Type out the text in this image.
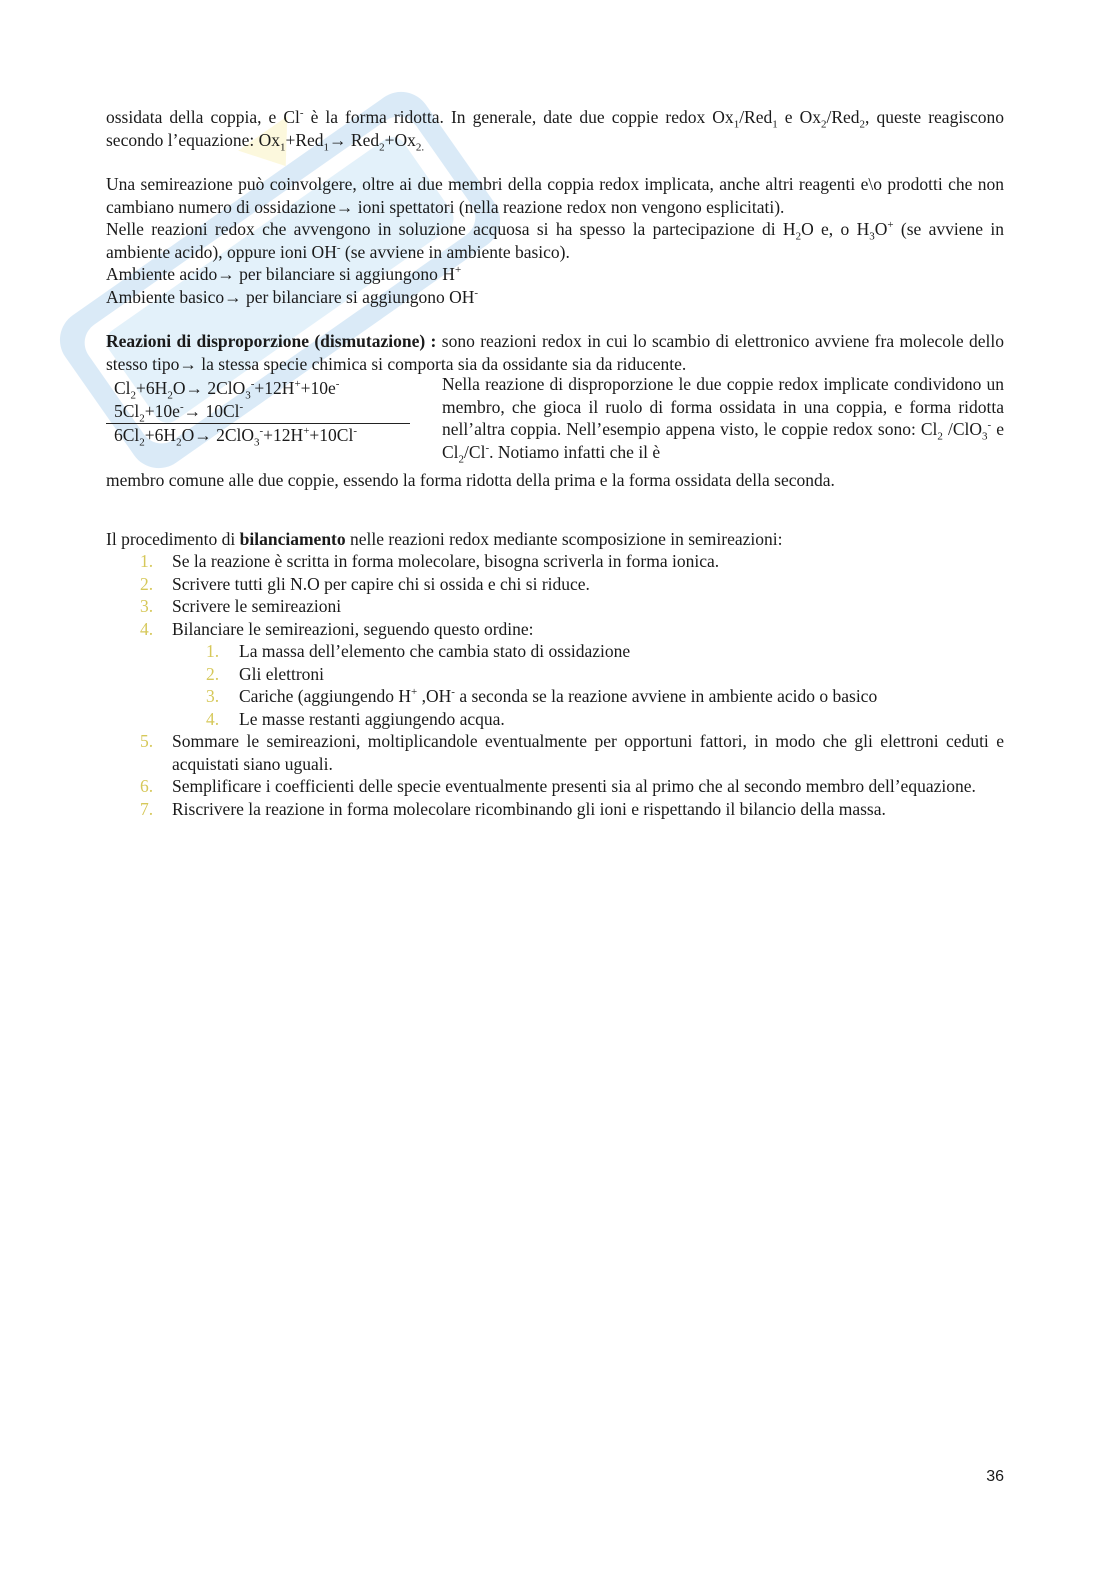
ossidata della coppia, e Cl- è la forma ridotta. In generale, date due coppie redox $Ox_1/Red_1$ e $Ox_2/Red_2$, queste reagiscono secondo l’equazione: $Ox_1+Red_1\to Red_2+Ox_{2.}$

Una semireazione può coinvolgere, oltre ai due membri della coppia redox implicata, anche altri reagenti e\o prodotti che non cambiano numero di ossidazione→ ioni spettatori (nella reazione redox non vengono esplicitati).

Nelle reazioni redox che avvengono in soluzione acquosa si ha spesso la partecipazione di $H_2O$ e, o $H_3O^+$ (se avviene in ambiente acido), oppure ioni OH- (se avviene in ambiente basico).

Ambiente acido→ per bilanciare si aggiungono H+

Ambiente basico→ per bilanciare si aggiungono OH-

Reazioni di disproporzione (dismutazione) : sono reazioni redox in cui lo scambio di elettronico avviene fra molecole dello stesso tipo→ la stessa specie chimica si comporta sia da ossidante sia da riducente.

$Cl_2+6H_2O\to 2ClO_3^-+12H^++10e^-$
$5Cl_2+10e^-\to 10Cl^-$
$6Cl_2+6H_2O\to 2ClO_3^-+12H^++10Cl^-$
Nella reazione di disproporzione le due coppie redox implicate condividono un membro, che gioca il ruolo di forma ossidata in una coppia, e forma ridotta nell’altra coppia. Nell’esempio appena visto, le coppie redox sono: $Cl_2$ /ClO$_3$- e $Cl_2/Cl^-$. Notiamo infatti che il è

membro comune alle due coppie, essendo la forma ridotta della prima e la forma ossidata della seconda.

Il procedimento di bilanciamento nelle reazioni redox mediante scomposizione in semireazioni:

1. Se la reazione è scritta in forma molecolare, bisogna scriverla in forma ionica.
2. Scrivere tutti gli N.O per capire chi si ossida e chi si riduce.
3. Scrivere le semireazioni
4. Bilanciare le semireazioni, seguendo questo ordine:
1. La massa dell’elemento che cambia stato di ossidazione
2. Gli elettroni
3. Cariche (aggiungendo H+ ,OH- a seconda se la reazione avviene in ambiente acido o basico
4. Le masse restanti aggiungendo acqua.
5. Sommare le semireazioni, moltiplicandole eventualmente per opportuni fattori, in modo che gli elettroni ceduti e acquistati siano uguali.
6. Semplificare i coefficienti delle specie eventualmente presenti sia al primo che al secondo membro dell’equazione.
7. Riscrivere la reazione in forma molecolare ricombinando gli ioni e rispettando il bilancio della massa.
36
